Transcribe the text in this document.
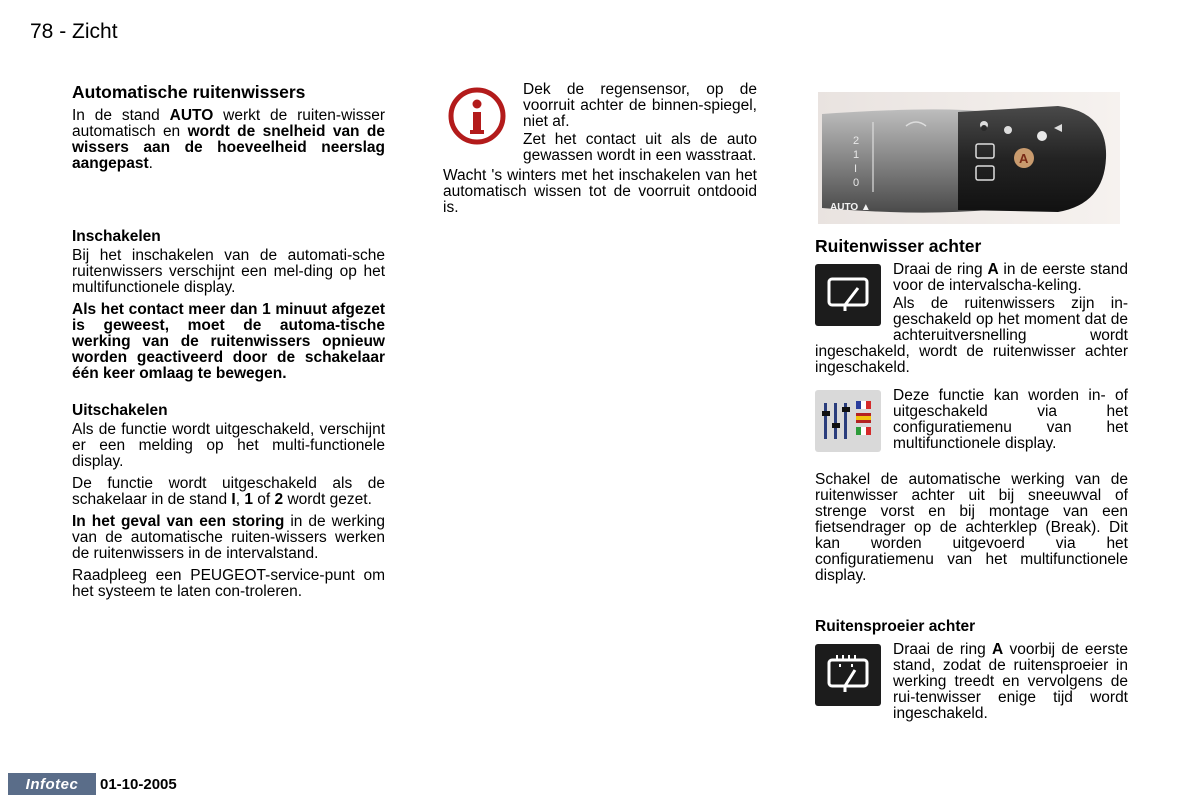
78 - Zicht
Automatische ruitenwissers

In de stand AUTO werkt de ruiten-wisser automatisch en wordt de snelheid van de wissers aan de hoeveelheid neerslag aangepast.

Inschakelen

Bij het inschakelen van de automati-sche ruitenwissers verschijnt een mel-ding op het multifunctionele display.

Als het contact meer dan 1 minuut afgezet is geweest, moet de automa-tische werking van de ruitenwissers opnieuw worden geactiveerd door de schakelaar één keer omlaag te bewegen.

Uitschakelen

Als de functie wordt uitgeschakeld, verschijnt er een melding op het multi-functionele display.

De functie wordt uitgeschakeld als de schakelaar in de stand I, 1 of 2 wordt gezet.

In het geval van een storing in de werking van de automatische ruiten-wissers werken de ruitenwissers in de intervalstand.

Raadpleeg een PEUGEOT-service-punt om het systeem te laten con-troleren.

Dek de regensensor, op de voorruit achter de binnen-spiegel, niet af.

Zet het contact uit als de auto gewassen wordt in een wasstraat.

Wacht 's winters met het inschakelen van het automatisch wissen tot de voorruit ontdooid is.

2
1
I
0
AUTO ▲
A
Ruitenwisser achter

Draai de ring A in de eerste stand voor de intervalscha-keling.

Als de ruitenwissers zijn in-geschakeld op het moment dat de achteruitversnelling wordt ingeschakeld, wordt de ruitenwisser achter ingeschakeld.

Deze functie kan worden in- of uitgeschakeld via het configuratiemenu van het multifunctionele display.

Schakel de automatische werking van de ruitenwisser achter uit bij sneeuwval of strenge vorst en bij montage van een fietsendrager op de achterklep (Break). Dit kan worden uitgevoerd via het configuratiemenu van het multifunctionele display.

Ruitensproeier achter

Draai de ring A voorbij de eerste stand, zodat de ruitensproeier in werking treedt en vervolgens de rui-tenwisser enige tijd wordt ingeschakeld.

Infotec	01-10-2005
